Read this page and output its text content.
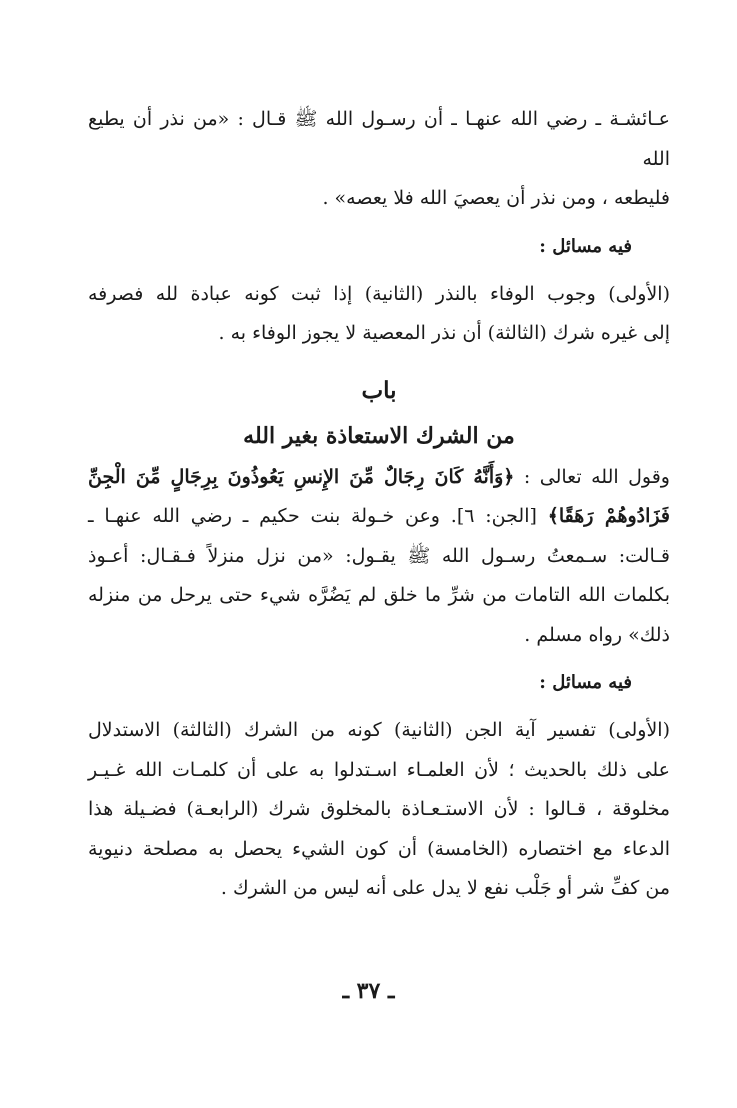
عـائشـة ـ رضي الله عنهـا ـ أن رسـول الله ﷺ قـال : «من نذر أن يطيع الله
فليطعه ، ومن نذر أن يعصيَ الله فلا يعصه» .

فيه مسائل :

(الأولى) وجوب الوفاء بالنذر (الثانية) إذا ثبت كونه عبادة لله فصرفه
إلى غيره شرك (الثالثة) أن نذر المعصية لا يجوز الوفاء به .

باب

من الشرك الاستعاذة بغير الله

وقول الله تعالى : ﴿وَأَنَّهُ كَانَ رِجَالٌ مِّنَ الإِنسِ يَعُوذُونَ بِرِجَالٍ مِّنَ الْجِنِّ
فَزَادُوهُمْ رَهَقًا﴾ [الجن: ٦]. وعن خـولة بنت حكيم ـ رضي الله عنهـا ـ
قـالت: سـمعتُ رسـول الله ﷺ يقـول: «من نزل منزلاً فـقـال: أعـوذ
بكلمات الله التامات من شرِّ ما خلق لم يَضُرَّه شيء حتى يرحل من منزله
ذلك» رواه مسلم .

فيه مسائل :

(الأولى) تفسير آية الجن (الثانية) كونه من الشرك (الثالثة) الاستدلال
على ذلك بالحديث ؛ لأن العلمـاء اسـتدلوا به على أن كلمـات الله غـيـر
مخلوقة ، قـالوا : لأن الاستـعـاذة بالمخلوق شرك (الرابعـة) فضـيلة هذا
الدعاء مع اختصاره (الخامسة) أن كون الشيء يحصل به مصلحة دنيوية
من كفِّ شر أو جَلْب نفع لا يدل على أنه ليس من الشرك .

ـ ٣٧ ـ
